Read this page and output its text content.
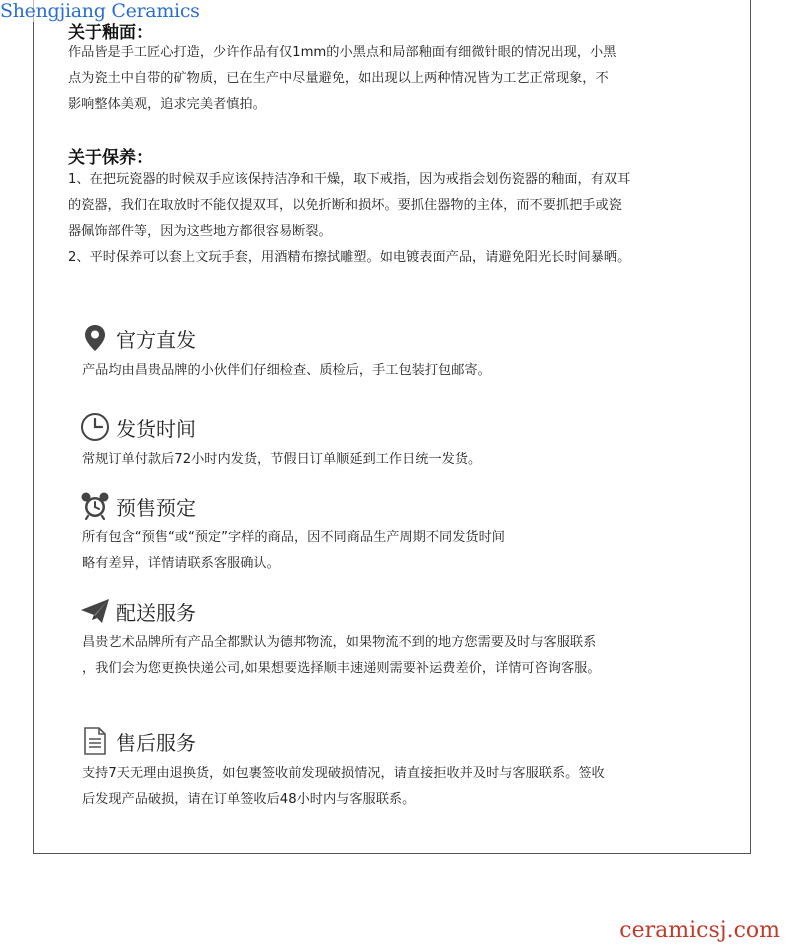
Shengjiang Ceramics
关于釉面：
作品皆是手工匠心打造，少许作品有仅1mm的小黑点和局部釉面有细微针眼的情况出现，小黑
点为瓷土中自带的矿物质，已在生产中尽量避免，如出现以上两种情况皆为工艺正常现象，不
影响整体美观，追求完美者慎拍。
关于保养：
1、在把玩瓷器的时候双手应该保持洁净和干燥，取下戒指，因为戒指会划伤瓷器的釉面，有双耳
的瓷器，我们在取放时不能仅提双耳，以免折断和损坏。要抓住器物的主体，而不要抓把手或瓷
器佩饰部件等，因为这些地方都很容易断裂。
2、平时保养可以套上文玩手套，用酒精布擦拭雕塑。如电镀表面产品，请避免阳光长时间暴晒。
官方直发
产品均由昌贵品牌的小伙伴们仔细检查、质检后，手工包装打包邮寄。
发货时间
常规订单付款后72小时内发货，节假日订单顺延到工作日统一发货。
预售预定
所有包含“预售“或“预定”字样的商品，因不同商品生产周期不同发货时间
略有差异，详情请联系客服确认。
配送服务
昌贵艺术品牌所有产品全都默认为德邦物流，如果物流不到的地方您需要及时与客服联系
，我们会为您更换快递公司,如果想要选择顺丰速递则需要补运费差价，详情可咨询客服。
售后服务
支持7天无理由退换货，如包裹签收前发现破损情况，请直接拒收并及时与客服联系。签收
后发现产品破损，请在订单签收后48小时内与客服联系。
ceramicsj.com
